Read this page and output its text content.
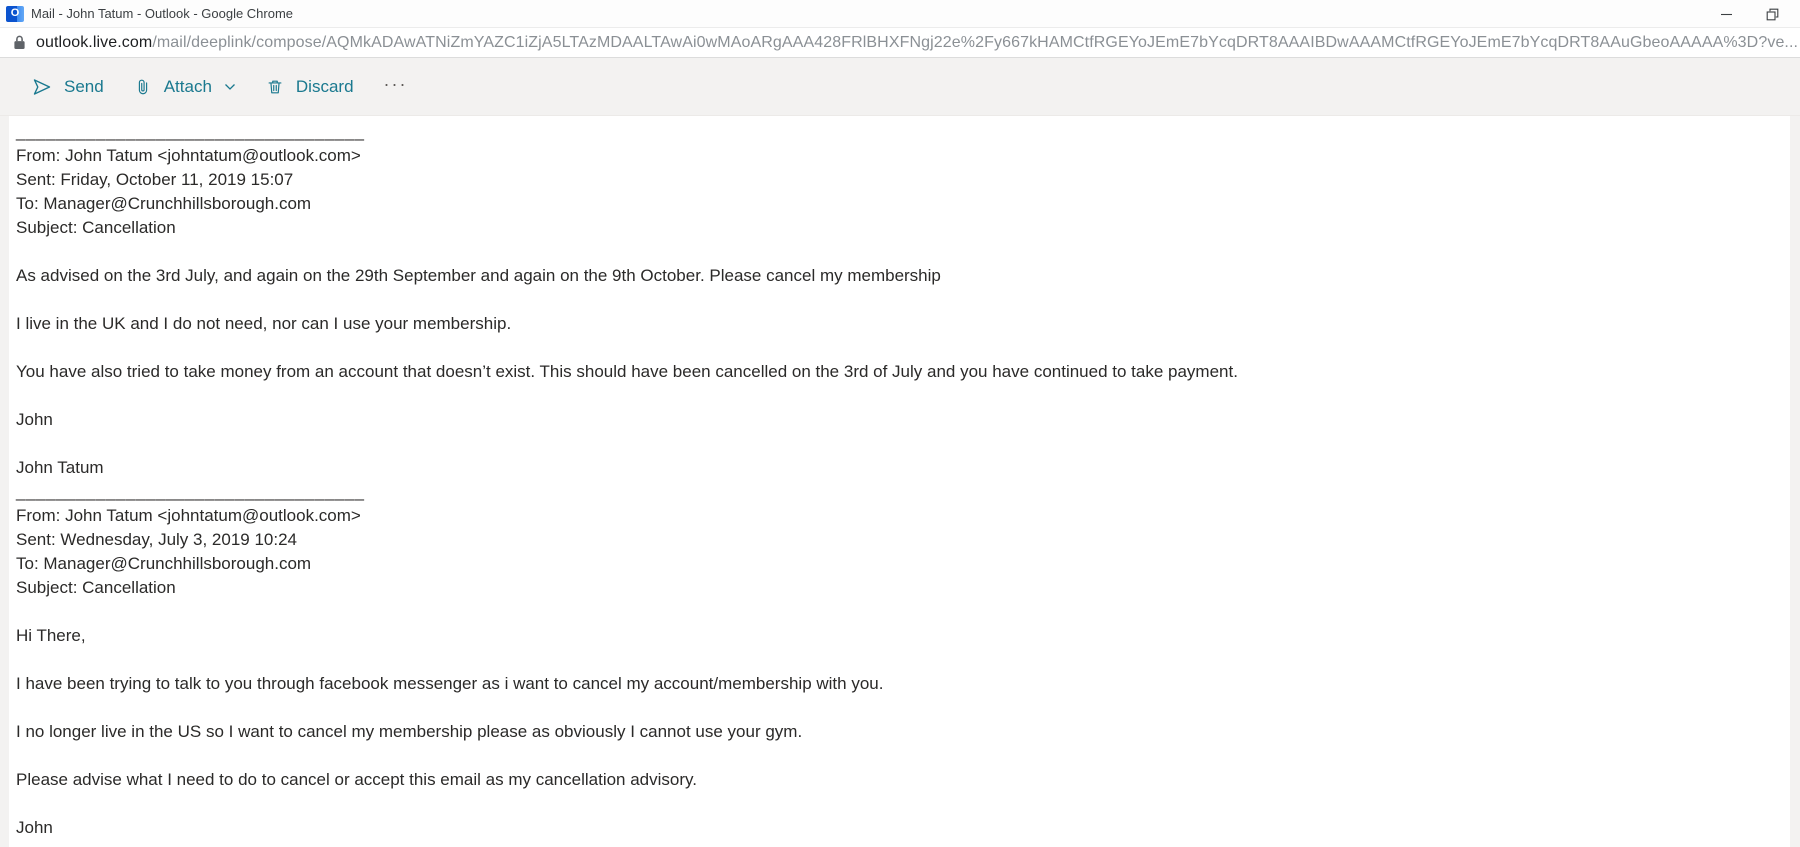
O Mail - John Tatum - Outlook - Google Chrome
outlook.live.com/mail/deeplink/compose/AQMkADAwATNiZmYAZC1iZjA5LTAzMDAALTAwAi0wMAoARgAAA428FRlBHXFNgj22e%2Fy667kHAMCtfRGEYoJEmE7bYcqDRT8AAAIBDwAAAMCtfRGEYoJEmE7bYcqDRT8AAuGbeoAAAAA%3D?ve...
Send	Attach	Discard ···
___________________________________
From: John Tatum <johntatum@outlook.com>
Sent: Friday, October 11, 2019 15:07
To: Manager@Crunchhillsborough.com
Subject: Cancellation
As advised on the 3rd July, and again on the 29th September and again on the 9th October. Please cancel my membership
I live in the UK and I do not need, nor can I use your membership.
You have also tried to take money from an account that doesn’t exist. This should have been cancelled on the 3rd of July and you have continued to take payment.
John
John Tatum
___________________________________
From: John Tatum <johntatum@outlook.com>
Sent: Wednesday, July 3, 2019 10:24
To: Manager@Crunchhillsborough.com
Subject: Cancellation
Hi There,
I have been trying to talk to you through facebook messenger as i want to cancel my account/membership with you.
I no longer live in the US so I want to cancel my membership please as obviously I cannot use your gym.
Please advise what I need to do to cancel or accept this email as my cancellation advisory.
John
